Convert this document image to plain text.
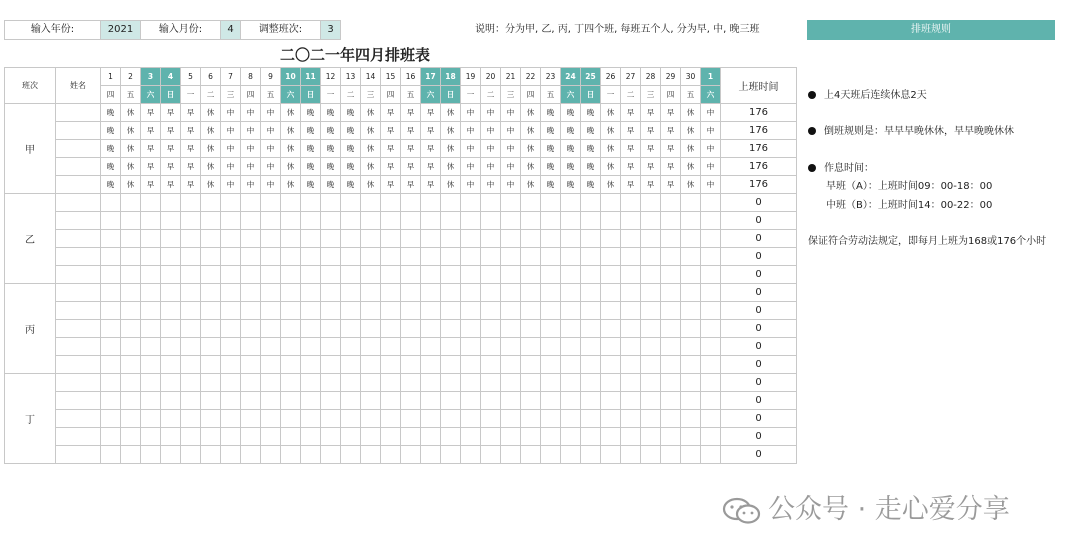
输入年份:	2021	输入月份:	4	调整班次:	3	说明：分为甲, 乙, 丙, 丁四个班, 每班五个人, 分为早, 中, 晚三班	排班规则
二〇二一年四月排班表
班次	姓名	1	2	3	4	5	6	7	8	9	10	11	12	13	14	15	16	17	18	19	20	21	22	23	24	25	26	27	28	29	30	1	上班时间
		四	五	六	日	一	二	三	四	五	六	日	一	二	三	四	五	六	日	一	二	三	四	五	六	日	一	二	三	四	五	六	
甲		晚	休	早	早	早	休	中	中	中	休	晚	晚	晚	休	早	早	早	休	中	中	中	休	晚	晚	晚	休	早	早	早	休	中	176
		晚	休	早	早	早	休	中	中	中	休	晚	晚	晚	休	早	早	早	休	中	中	中	休	晚	晚	晚	休	早	早	早	休	中	176
		晚	休	早	早	早	休	中	中	中	休	晚	晚	晚	休	早	早	早	休	中	中	中	休	晚	晚	晚	休	早	早	早	休	中	176
		晚	休	早	早	早	休	中	中	中	休	晚	晚	晚	休	早	早	早	休	中	中	中	休	晚	晚	晚	休	早	早	早	休	中	176
		晚	休	早	早	早	休	中	中	中	休	晚	晚	晚	休	早	早	早	休	中	中	中	休	晚	晚	晚	休	早	早	早	休	中	176
乙																																	0
																																	0
																																	0
																																	0
																																	0
丙																																	0
																																	0
																																	0
																																	0
																																	0
丁																																	0
																																	0
																																	0
																																	0
																																	0
上4天班后连续休息2天
倒班规则是：早早早晚休休，早早晚晚休休
作息时间：
早班（A）：上班时间09：00-18：00
中班（B）：上班时间14：00-22：00
保证符合劳动法规定，即每月上班为168或176个小时
公众号 · 走心爱分享
